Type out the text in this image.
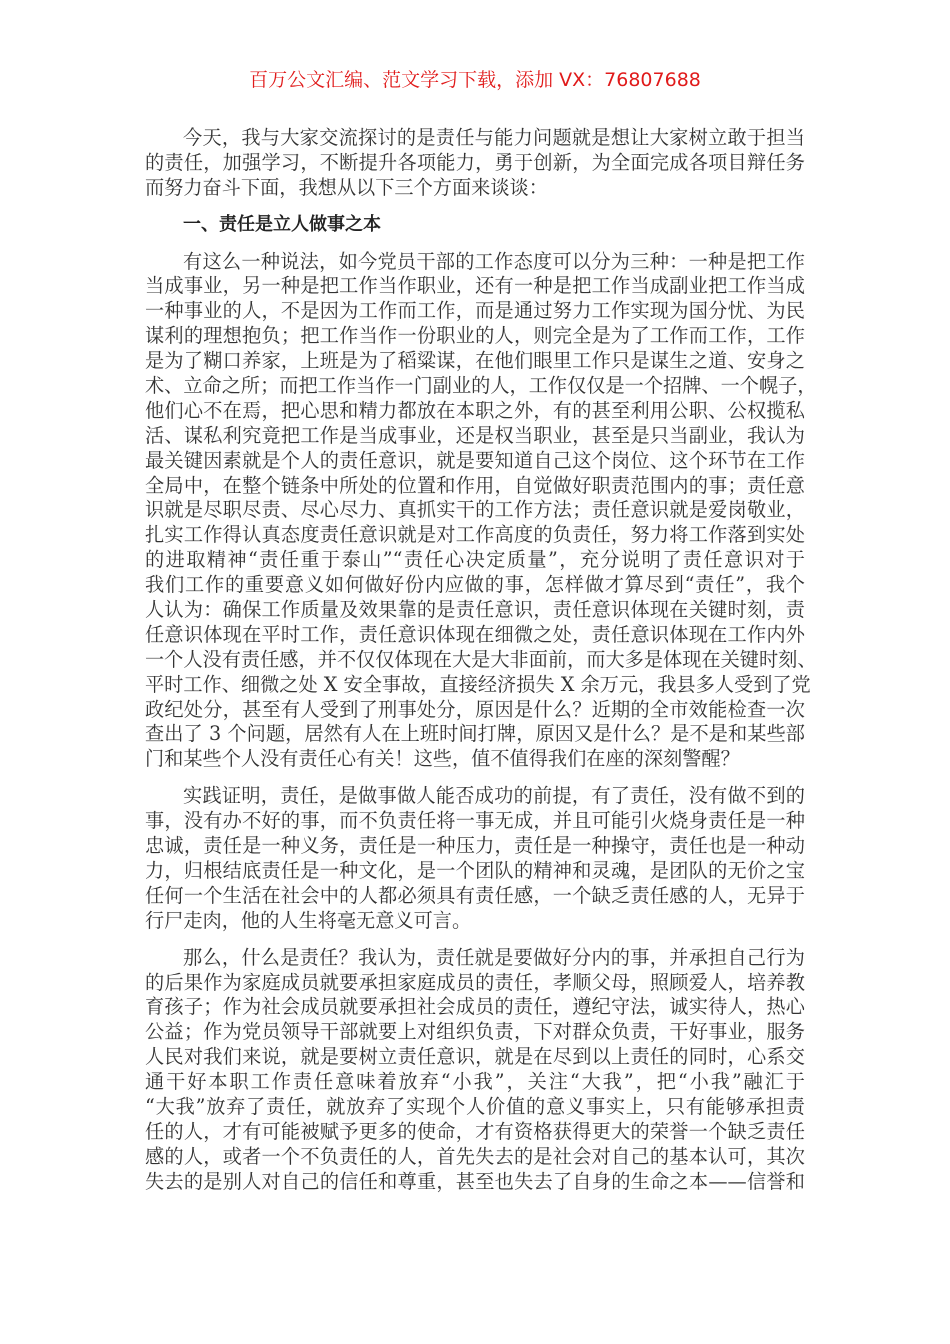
百万公文汇编、范文学习下载，添加 VX：76807688
今天，我与大家交流探讨的是责任与能力问题就是想让大家树立敢于担当
的责任，加强学习，不断提升各项能力，勇于创新，为全面完成各项目辩任务
而努力奋斗下面，我想从以下三个方面来谈谈：
一、责任是立人做事之本
有这么一种说法，如今党员干部的工作态度可以分为三种：一种是把工作
当成事业，另一种是把工作当作职业，还有一种是把工作当成副业把工作当成
一种事业的人，不是因为工作而工作，而是通过努力工作实现为国分忧、为民
谋利的理想抱负；把工作当作一份职业的人，则完全是为了工作而工作，工作
是为了糊口养家，上班是为了稻粱谋，在他们眼里工作只是谋生之道、安身之
术、立命之所；而把工作当作一门副业的人，工作仅仅是一个招牌、一个幌子，
他们心不在焉，把心思和精力都放在本职之外，有的甚至利用公职、公权揽私
活、谋私利究竟把工作是当成事业，还是权当职业，甚至是只当副业，我认为
最关键因素就是个人的责任意识，就是要知道自己这个岗位、这个环节在工作
全局中，在整个链条中所处的位置和作用，自觉做好职责范围内的事；责任意
识就是尽职尽责、尽心尽力、真抓实干的工作方法；责任意识就是爱岗敬业，
扎实工作得认真态度责任意识就是对工作高度的负责任，努力将工作落到实处
的进取精神“责任重于泰山”“责任心决定质量”，充分说明了责任意识对于
我们工作的重要意义如何做好份内应做的事，怎样做才算尽到“责任”，我个
人认为：确保工作质量及效果靠的是责任意识，责任意识体现在关键时刻，责
任意识体现在平时工作，责任意识体现在细微之处，责任意识体现在工作内外
一个人没有责任感，并不仅仅体现在大是大非面前，而大多是体现在关键时刻、
平时工作、细微之处 X 安全事故，直接经济损失 X 余万元，我县多人受到了党
政纪处分，甚至有人受到了刑事处分，原因是什么？近期的全市效能检查一次
查出了 3 个问题，居然有人在上班时间打牌，原因又是什么？是不是和某些部
门和某些个人没有责任心有关！这些，值不值得我们在座的深刻警醒？
实践证明，责任，是做事做人能否成功的前提，有了责任，没有做不到的
事，没有办不好的事，而不负责任将一事无成，并且可能引火烧身责任是一种
忠诚，责任是一种义务，责任是一种压力，责任是一种操守，责任也是一种动
力，归根结底责任是一种文化，是一个团队的精神和灵魂，是团队的无价之宝
任何一个生活在社会中的人都必须具有责任感，一个缺乏责任感的人，无异于
行尸走肉，他的人生将毫无意义可言。
那么，什么是责任？我认为，责任就是要做好分内的事，并承担自己行为
的后果作为家庭成员就要承担家庭成员的责任，孝顺父母，照顾爱人，培养教
育孩子；作为社会成员就要承担社会成员的责任，遵纪守法，诚实待人，热心
公益；作为党员领导干部就要上对组织负责，下对群众负责，干好事业，服务
人民对我们来说，就是要树立责任意识，就是在尽到以上责任的同时，心系交
通干好本职工作责任意味着放弃“小我”，关注“大我”，把“小我”融汇于
“大我”放弃了责任，就放弃了实现个人价值的意义事实上，只有能够承担责
任的人，才有可能被赋予更多的使命，才有资格获得更大的荣誉一个缺乏责任
感的人，或者一个不负责任的人，首先失去的是社会对自己的基本认可，其次
失去的是别人对自己的信任和尊重，甚至也失去了自身的生命之本——信誉和
